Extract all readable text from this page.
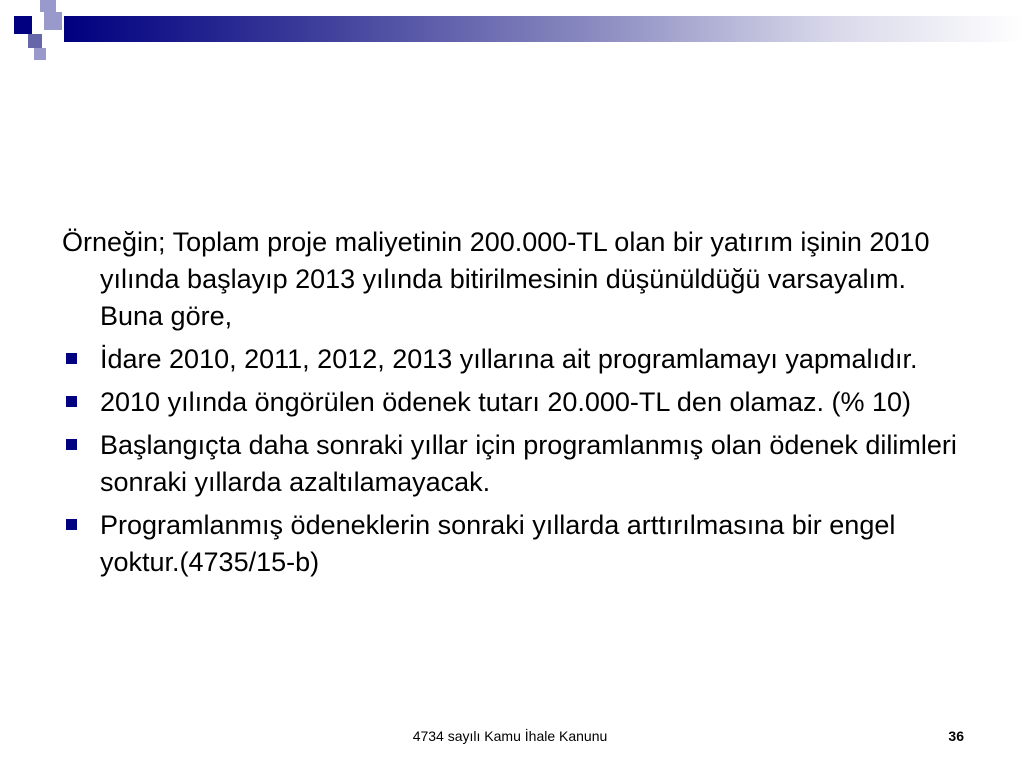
Örneğin; Toplam proje maliyetinin 200.000-TL olan bir yatırım işinin 2010 yılında başlayıp 2013 yılında bitirilmesinin düşünüldüğü varsayalım. Buna göre,

İdare 2010, 2011, 2012, 2013 yıllarına ait programlamayı yapmalıdır.
2010 yılında öngörülen ödenek tutarı 20.000-TL den olamaz. (% 10)
Başlangıçta daha sonraki yıllar için programlanmış olan ödenek dilimleri sonraki yıllarda azaltılamayacak.
Programlanmış ödeneklerin sonraki yıllarda arttırılmasına bir engel yoktur.(4735/15-b)
4734 sayılı Kamu İhale Kanunu	36
